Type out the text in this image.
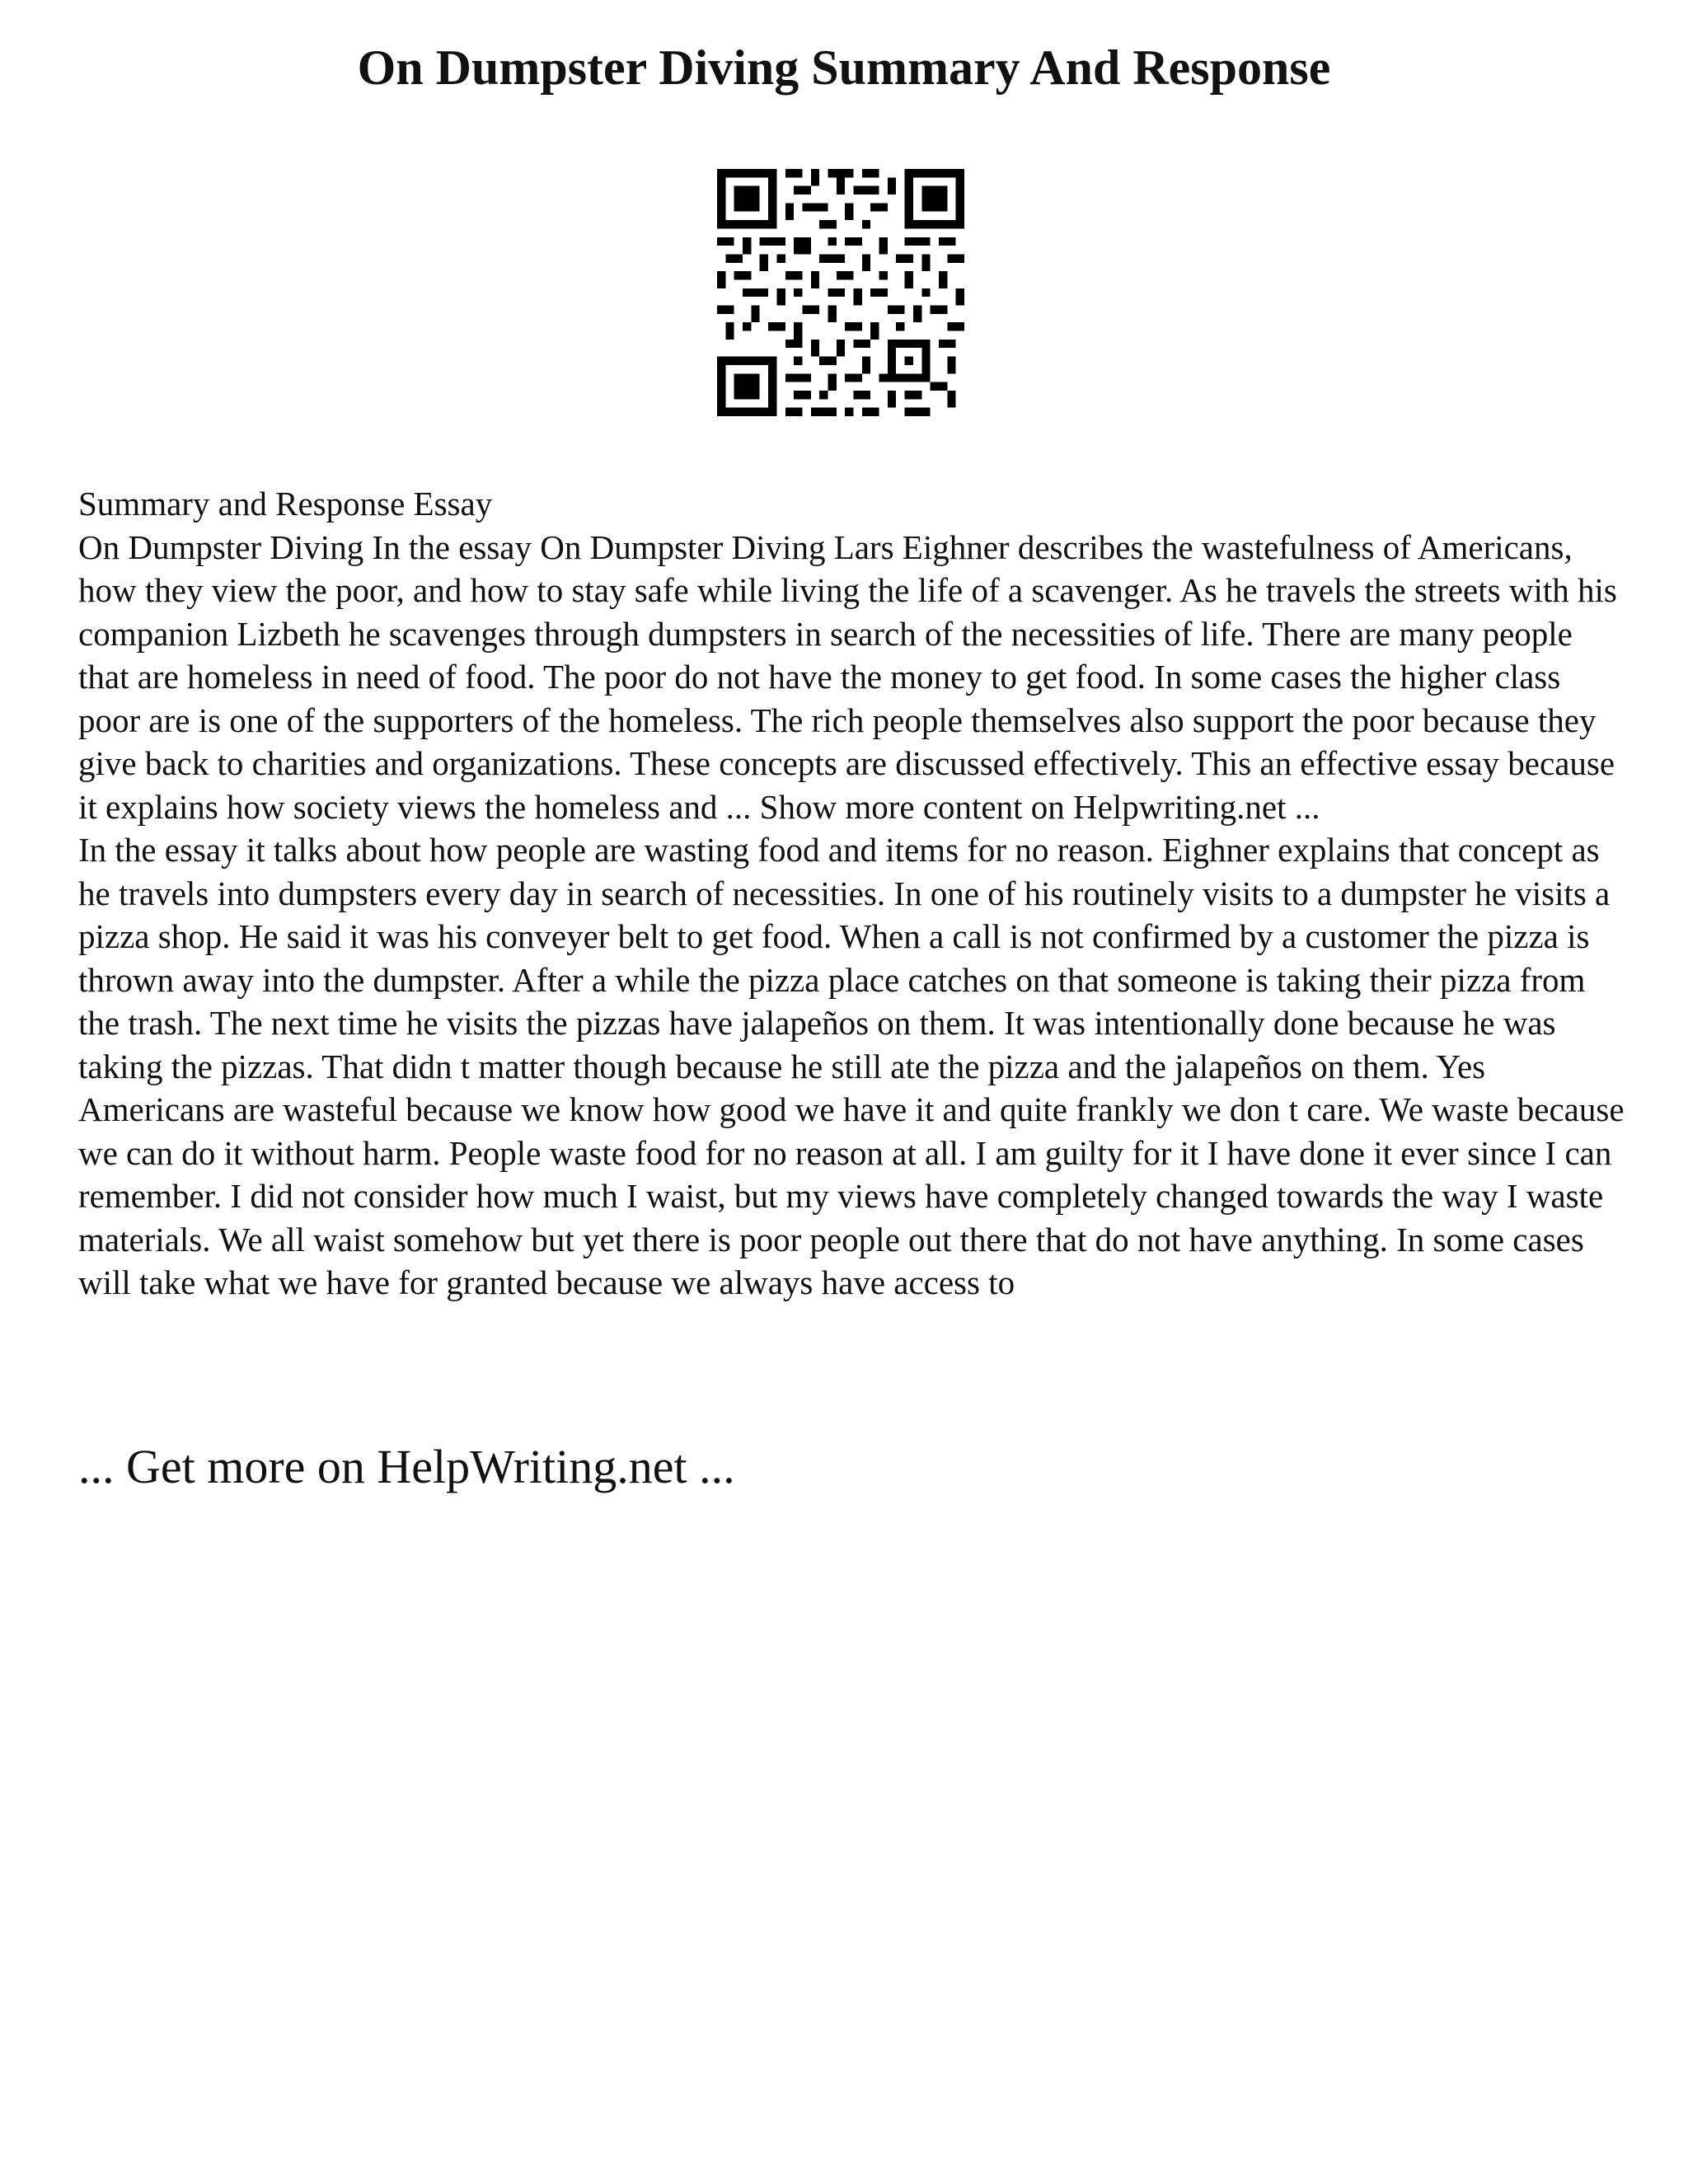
On Dumpster Diving Summary And Response

Summary and Response Essay

On Dumpster Diving In the essay On Dumpster Diving Lars Eighner describes the wastefulness of Americans, how they view the poor, and how to stay safe while living the life of a scavenger. As he travels the streets with his companion Lizbeth he scavenges through dumpsters in search of the necessities of life. There are many people that are homeless in need of food. The poor do not have the money to get food. In some cases the higher class poor are is one of the supporters of the homeless. The rich people themselves also support the poor because they give back to charities and organizations. These concepts are discussed effectively. This an effective essay because it explains how society views the homeless and ... Show more content on Helpwriting.net ...

In the essay it talks about how people are wasting food and items for no reason. Eighner explains that concept as he travels into dumpsters every day in search of necessities. In one of his routinely visits to a dumpster he visits a pizza shop. He said it was his conveyer belt to get food. When a call is not confirmed by a customer the pizza is thrown away into the dumpster. After a while the pizza place catches on that someone is taking their pizza from the trash. The next time he visits the pizzas have jalapeños on them. It was intentionally done because he was taking the pizzas. That didn t matter though because he still ate the pizza and the jalapeños on them. Yes Americans are wasteful because we know how good we have it and quite frankly we don t care. We waste because we can do it without harm. People waste food for no reason at all. I am guilty for it I have done it ever since I can remember. I did not consider how much I waist, but my views have completely changed towards the way I waste materials. We all waist somehow but yet there is poor people out there that do not have anything. In some cases will take what we have for granted because we always have access to

... Get more on HelpWriting.net ...
